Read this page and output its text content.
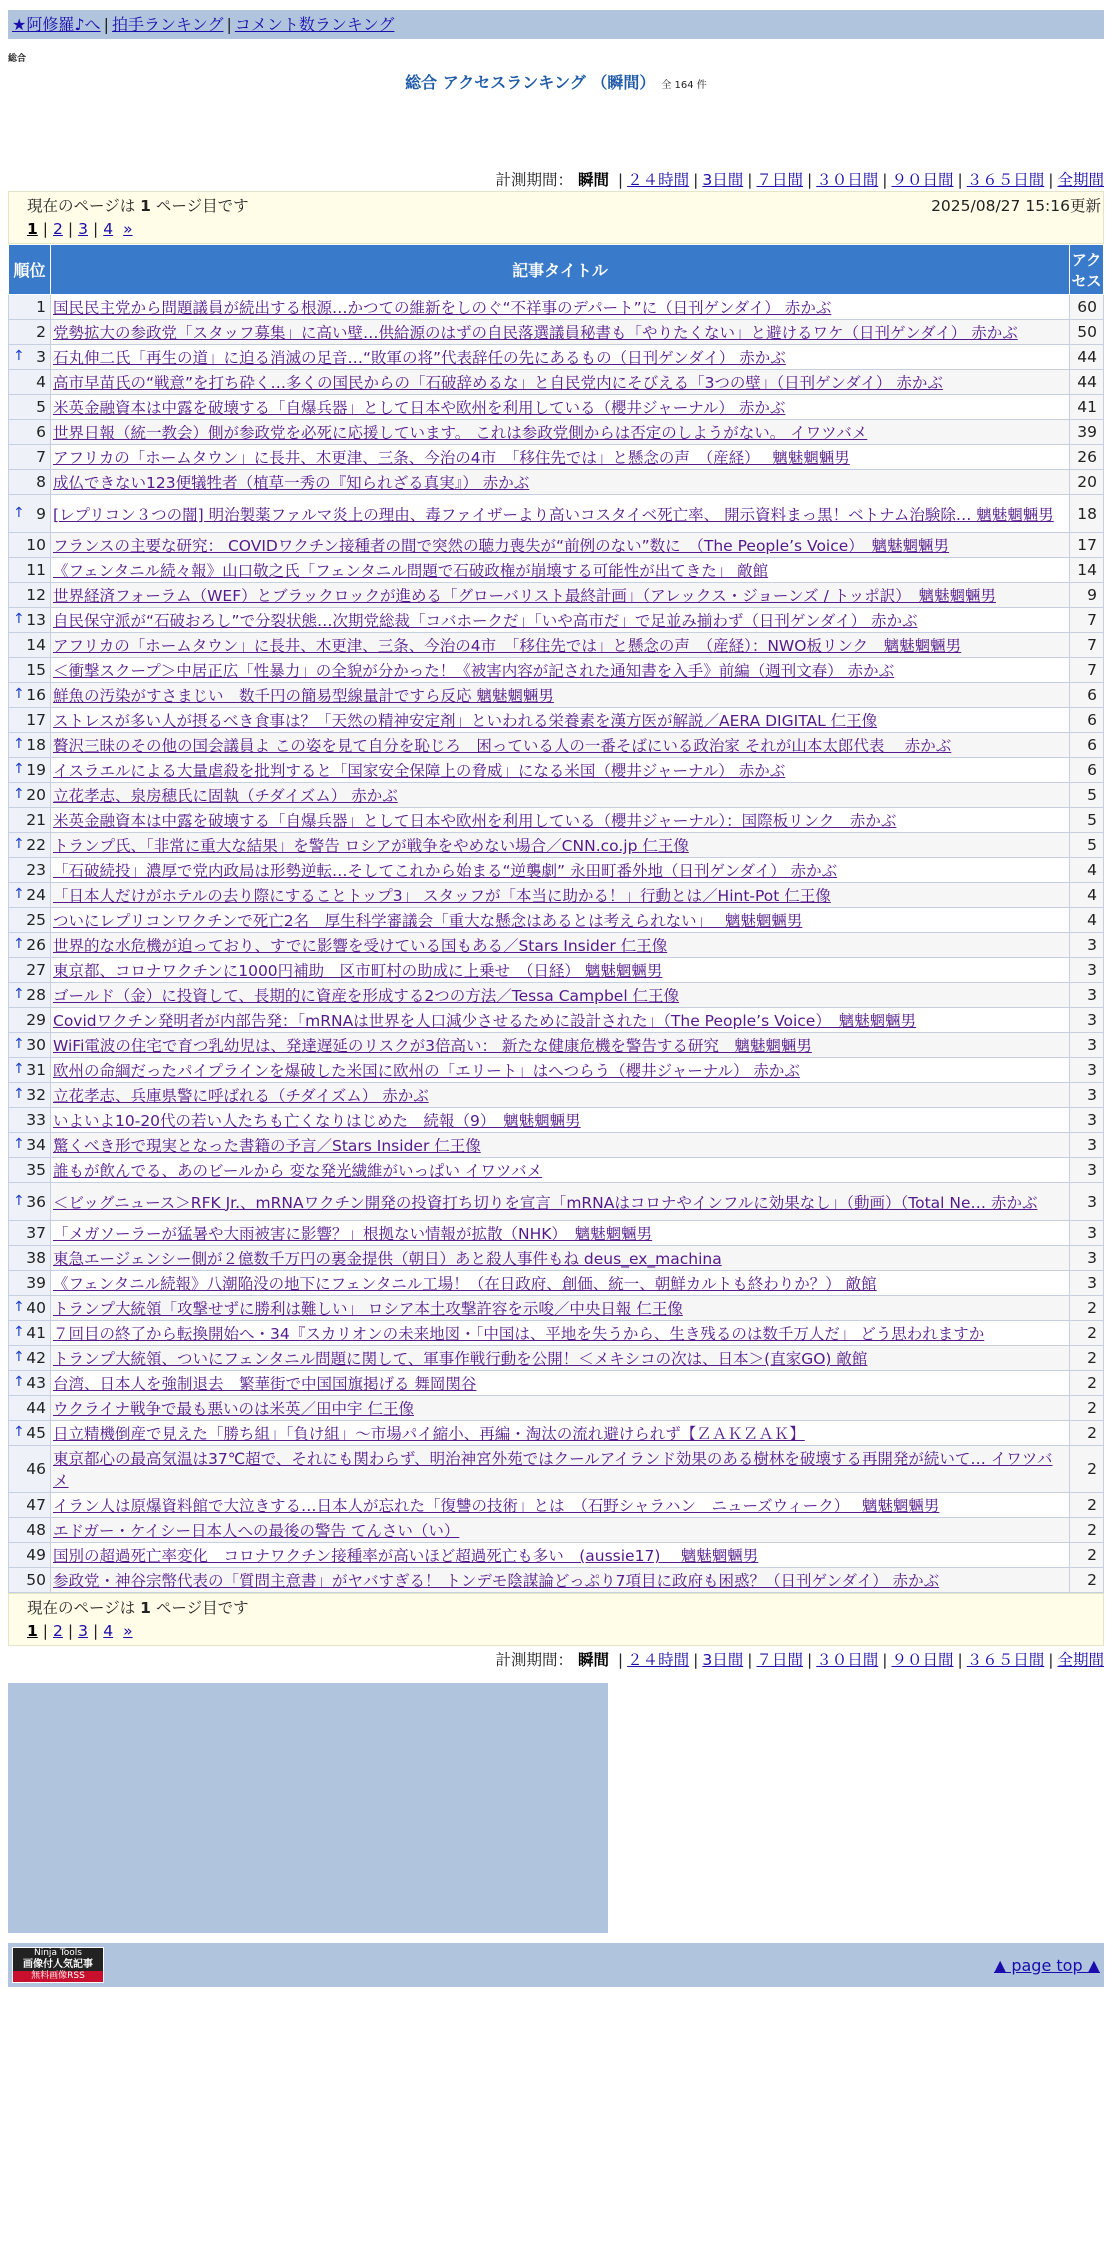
★阿修羅♪へ | 拍手ランキング | コメント数ランキング
総合
総合 アクセスランキング （瞬間） 全 164 件
計測期間： 瞬間 | ２４時間 | 3日間 | ７日間 | ３０日間 | ９０日間 | ３６５日間 | 全期間
現在のページは 1 ページ目です	2025/08/27 15:16更新
1 | 2 | 3 | 4 »
順位	記事タイトル	アクセス
1	国民民主党から問題議員が続出する根源…かつての維新をしのぐ“不祥事のデパート”に（日刊ゲンダイ） 赤かぶ	60
2	党勢拡大の参政党「スタッフ募集」に高い壁…供給源のはずの自民落選議員秘書も「やりたくない」と避けるワケ（日刊ゲンダイ） 赤かぶ	50

↑ 3	石丸伸二氏「再生の道」に迫る消滅の足音…“敗軍の将”代表辞任の先にあるもの（日刊ゲンダイ） 赤かぶ	44
4	高市早苗氏の“戦意”を打ち砕く…多くの国民からの「石破辞めるな」と自民党内にそびえる「3つの壁」（日刊ゲンダイ） 赤かぶ	44
5	米英金融資本は中露を破壊する「自爆兵器」として日本や欧州を利用している（櫻井ジャーナル） 赤かぶ	41
6	世界日報（統一教会）側が参政党を必死に応援しています。 これは参政党側からは否定のしようがない。 イワツバメ	39
7	アフリカの「ホームタウン」に長井、木更津、三条、今治の4市　「移住先では」と懸念の声　（産経）　 魑魅魍魎男	26
8	成仏できない123便犠牲者（植草一秀の『知られざる真実』） 赤かぶ	20

↑ 9	[レプリコン３つの闇] 明治製薬ファルマ炎上の理由、毒ファイザーより高いコスタイベ死亡率、 開示資料まっ黒！ベトナム治験除… 魑魅魍魎男	18
10	フランスの主要な研究： COVIDワクチン接種者の間で突然の聴力喪失が“前例のない”数に　（The People’s Voice）　魑魅魍魎男	17
11	《フェンタニル続々報》山口敬之氏「フェンタニル問題で石破政権が崩壊する可能性が出てきた」 敵館	14
12	世界経済フォーラム（WEF）とブラックロックが進める「グローバリスト最終計画」（アレックス・ジョーンズ / トッポ訳）　魑魅魍魎男	9

↑ 13	自民保守派が“石破おろし”で分裂状態…次期党総裁「コバホークだ」「いや高市だ」で足並み揃わず（日刊ゲンダイ） 赤かぶ	7
14	アフリカの「ホームタウン」に長井、木更津、三条、今治の4市　「移住先では」と懸念の声　（産経）：NWO板リンク　魑魅魍魎男	7
15	＜衝撃スクープ＞中居正広「性暴力」の全貌が分かった！《被害内容が記された通知書を入手》前編（週刊文春） 赤かぶ	7

↑ 16	鮮魚の汚染がすさまじい　数千円の簡易型線量計ですら反応 魑魅魍魎男	6
17	ストレスが多い人が摂るべき食事は？「天然の精神安定剤」といわれる栄養素を漢方医が解説／AERA DIGITAL 仁王像	6

↑ 18	贅沢三昧のその他の国会議員よ この姿を見て自分を恥じろ　困っている人の一番そばにいる政治家 それが山本太郎代表　 赤かぶ	6

↑ 19	イスラエルによる大量虐殺を批判すると「国家安全保障上の脅威」になる米国（櫻井ジャーナル） 赤かぶ	6

↑ 20	立花孝志、泉房穂氏に固執（チダイズム） 赤かぶ	5
21	米英金融資本は中露を破壊する「自爆兵器」として日本や欧州を利用している（櫻井ジャーナル）：国際板リンク　赤かぶ	5

↑ 22	トランプ氏、「非常に重大な結果」を警告 ロシアが戦争をやめない場合／CNN.co.jp 仁王像	5
23	「石破続投」濃厚で党内政局は形勢逆転…そしてこれから始まる“逆襲劇” 永田町番外地（日刊ゲンダイ） 赤かぶ	4

↑ 24	「日本人だけがホテルの去り際にすることトップ3」 スタッフが「本当に助かる！」行動とは／Hint-Pot 仁王像	4
25	ついにレプリコンワクチンで死亡2名　厚生科学審議会「重大な懸念はあるとは考えられない」　 魑魅魍魎男	4

↑ 26	世界的な水危機が迫っており、すでに影響を受けている国もある／Stars Insider 仁王像	3
27	東京都、コロナワクチンに1000円補助　区市町村の助成に上乗せ　（日経） 魑魅魍魎男	3

↑ 28	ゴールド（金）に投資して、長期的に資産を形成する2つの方法／Tessa Campbel 仁王像	3
29	Covidワクチン発明者が内部告発：「mRNAは世界を人口減少させるために設計された」（The People’s Voice）　魑魅魍魎男	3

↑ 30	WiFi電波の住宅で育つ乳幼児は、発達遅延のリスクが3倍高い： 新たな健康危機を警告する研究　魑魅魍魎男	3

↑ 31	欧州の命綱だったパイプラインを爆破した米国に欧州の「エリート」はへつらう（櫻井ジャーナル） 赤かぶ	3

↑ 32	立花孝志、兵庫県警に呼ばれる（チダイズム） 赤かぶ	3
33	いよいよ10-20代の若い人たちも亡くなりはじめた　続報（9）　魑魅魍魎男	3

↑ 34	驚くべき形で現実となった書籍の予言／Stars Insider 仁王像	3
35	誰もが飲んでる、あのビールから 変な発光繊維がいっぱい イワツバメ	3

↑ 36	＜ビッグニュース＞RFK Jr.、mRNAワクチン開発の投資打ち切りを宣言「mRNAはコロナやインフルに効果なし」（動画）（Total Ne… 赤かぶ	3
37	「メガソーラーが猛暑や大雨被害に影響？」根拠ない情報が拡散（NHK）　魑魅魍魎男	3
38	東急エージェンシー側が２億数千万円の裏金提供（朝日）あと殺人事件もね deus_ex_machina	3
39	《フェンタニル続報》八潮陥没の地下にフェンタニル工場！（在日政府、創価、統一、朝鮮カルトも終わりか？） 敵館	3

↑ 40	トランプ大統領「攻撃せずに勝利は難しい」 ロシア本土攻撃許容を示唆／中央日報 仁王像	2

↑ 41	７回目の終了から転換開始へ・34『スカリオンの未来地図・「中国は、平地を失うから、生き残るのは数千万人だ」 どう思われますか	2

↑ 42	トランプ大統領、ついにフェンタニル問題に関して、軍事作戦行動を公開！＜メキシコの次は、日本＞(直家GO) 敵館	2

↑ 43	台湾、日本人を強制退去　繁華街で中国国旗掲げる 舞岡関谷	2
44	ウクライナ戦争で最も悪いのは米英／田中宇 仁王像	2

↑ 45	日立精機倒産で見えた「勝ち組」「負け組」～市場パイ縮小、再編・淘汰の流れ避けられず【ＺＡＫＺＡＫ】	2
46	東京都心の最高気温は37℃超で、それにも関わらず、明治神宮外苑ではクールアイランド効果のある樹林を破壊する再開発が続いて… イワツバメ	2
47	イラン人は原爆資料館で大泣きする…日本人が忘れた「復讐の技術」とは　（石野シャラハン　ニューズウィーク）　 魑魅魍魎男	2
48	エドガー・ケイシー日本人への最後の警告 てんさい（い）	2
49	国別の超過死亡率変化　コロナワクチン接種率が高いほど超過死亡も多い　(aussie17)　 魑魅魍魎男	2
50	参政党・神谷宗幣代表の「質問主意書」がヤバすぎる！ トンデモ陰謀論どっぷり7項目に政府も困惑？（日刊ゲンダイ） 赤かぶ	2
現在のページは 1 ページ目です
1 | 2 | 3 | 4 »
計測期間： 瞬間 | ２４時間 | 3日間 | ７日間 | ３０日間 | ９０日間 | ３６５日間 | 全期間
Ninja Tools
画像付人気記事
無料画像RSS
▲ page top ▲
